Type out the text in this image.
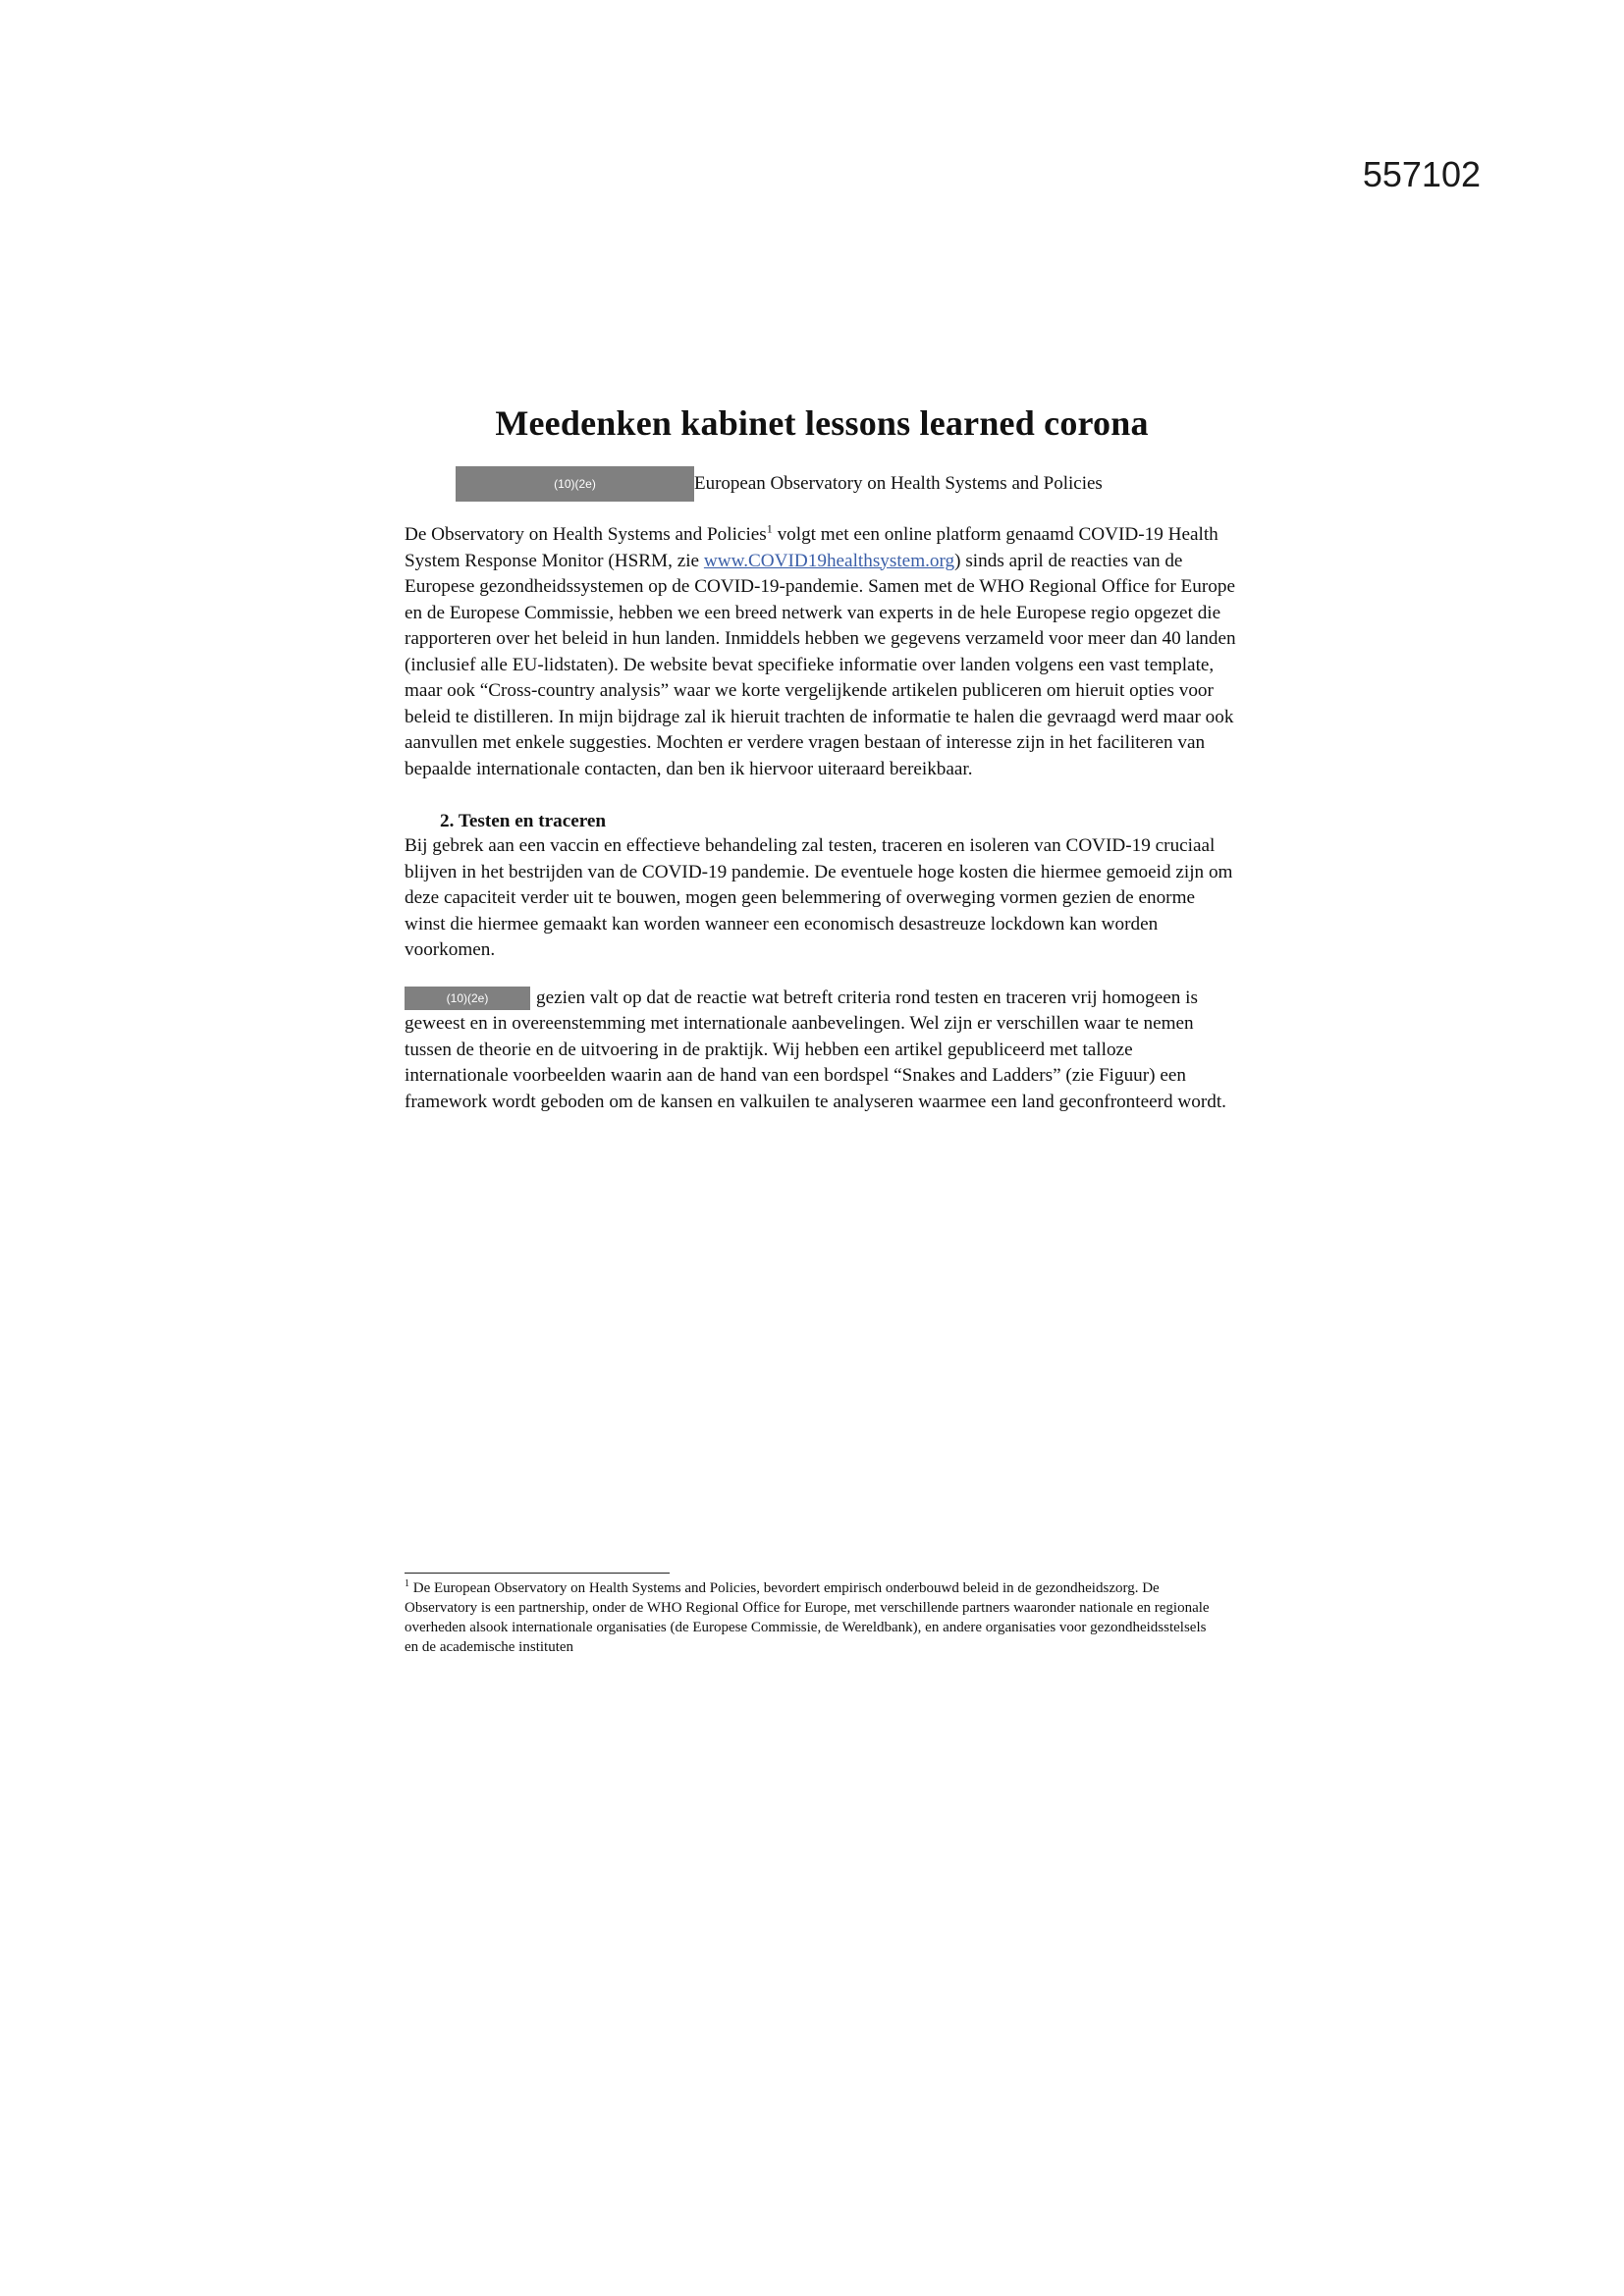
557102
Meedenken kabinet lessons learned corona
(10)(2e)	European Observatory on Health Systems and Policies

De Observatory on Health Systems and Policies$^1$ volgt met een online platform genaamd COVID-19 Health System Response Monitor (HSRM, zie www.COVID19healthsystem.org) sinds april de reacties van de Europese gezondheidssystemen op de COVID-19-pandemie. Samen met de WHO Regional Office for Europe en de Europese Commissie, hebben we een breed netwerk van experts in de hele Europese regio opgezet die rapporteren over het beleid in hun landen. Inmiddels hebben we gegevens verzameld voor meer dan 40 landen (inclusief alle EU-lidstaten). De website bevat specifieke informatie over landen volgens een vast template, maar ook “Cross-country analysis” waar we korte vergelijkende artikelen publiceren om hieruit opties voor beleid te distilleren. In mijn bijdrage zal ik hieruit trachten de informatie te halen die gevraagd werd maar ook aanvullen met enkele suggesties. Mochten er verdere vragen bestaan of interesse zijn in het faciliteren van bepaalde internationale contacten, dan ben ik hiervoor uiteraard bereikbaar.

2. Testen en traceren

Bij gebrek aan een vaccin en effectieve behandeling zal testen, traceren en isoleren van COVID-19 cruciaal blijven in het bestrijden van de COVID-19 pandemie. De eventuele hoge kosten die hiermee gemoeid zijn om deze capaciteit verder uit te bouwen, mogen geen belemmering of overweging vormen gezien de enorme winst die hiermee gemaakt kan worden wanneer een economisch desastreuze lockdown kan worden voorkomen.

(10)(2e)	gezien valt op dat de reactie wat betreft criteria rond testen en traceren vrij homogeen is geweest en in overeenstemming met internationale aanbevelingen. Wel zijn er verschillen waar te nemen tussen de theorie en de uitvoering in de praktijk. Wij hebben een artikel gepubliceerd met talloze internationale voorbeelden waarin aan de hand van een bordspel “Snakes and Ladders” (zie Figuur) een framework wordt geboden om de kansen en valkuilen te analyseren waarmee een land geconfronteerd wordt.

$^1$ De European Observatory on Health Systems and Policies, bevordert empirisch onderbouwd beleid in de gezondheidszorg. De Observatory is een partnership, onder de WHO Regional Office for Europe, met verschillende partners waaronder nationale en regionale overheden alsook internationale organisaties (de Europese Commissie, de Wereldbank), en andere organisaties voor gezondheidsstelsels en de academische instituten
